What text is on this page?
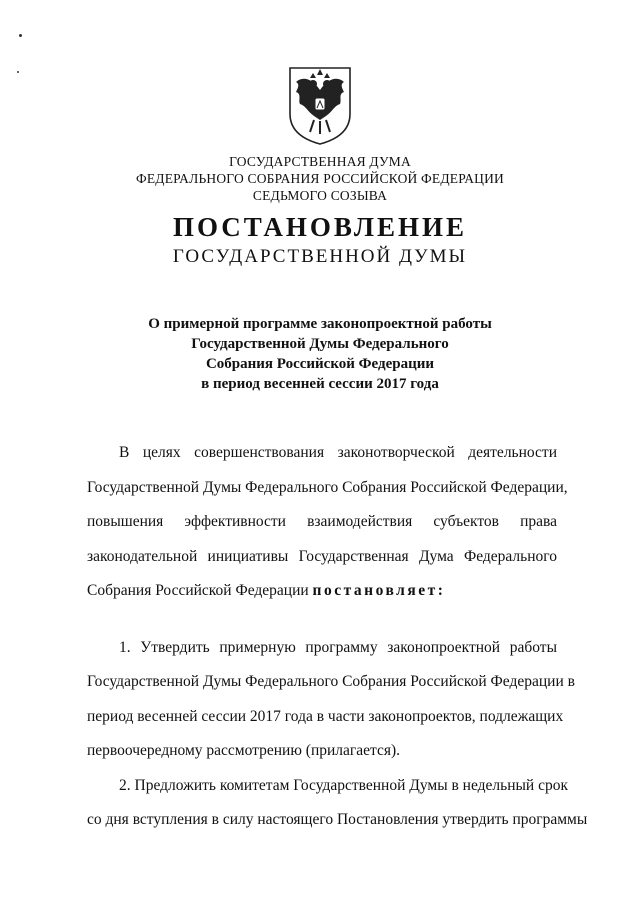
ГОСУДАРСТВЕННАЯ ДУМА
ФЕДЕРАЛЬНОГО СОБРАНИЯ РОССИЙСКОЙ ФЕДЕРАЦИИ
СЕДЬМОГО СОЗЫВА
ПОСТАНОВЛЕНИЕ
ГОСУДАРСТВЕННОЙ ДУМЫ
О примерной программе законопроектной работы
Государственной Думы Федерального
Собрания Российской Федерации
в период весенней сессии 2017 года
В целях совершенствования законотворческой деятельности
Государственной Думы Федерального Собрания Российской Федерации,
повышения эффективности взаимодействия субъектов права
законодательной инициативы Государственная Дума Федерального
Собрания Российской Федерации постановляет:
1. Утвердить примерную программу законопроектной работы
Государственной Думы Федерального Собрания Российской Федерации в
период весенней сессии 2017 года в части законопроектов, подлежащих
первоочередному рассмотрению (прилагается).
2. Предложить комитетам Государственной Думы в недельный срок
со дня вступления в силу настоящего Постановления утвердить программы
